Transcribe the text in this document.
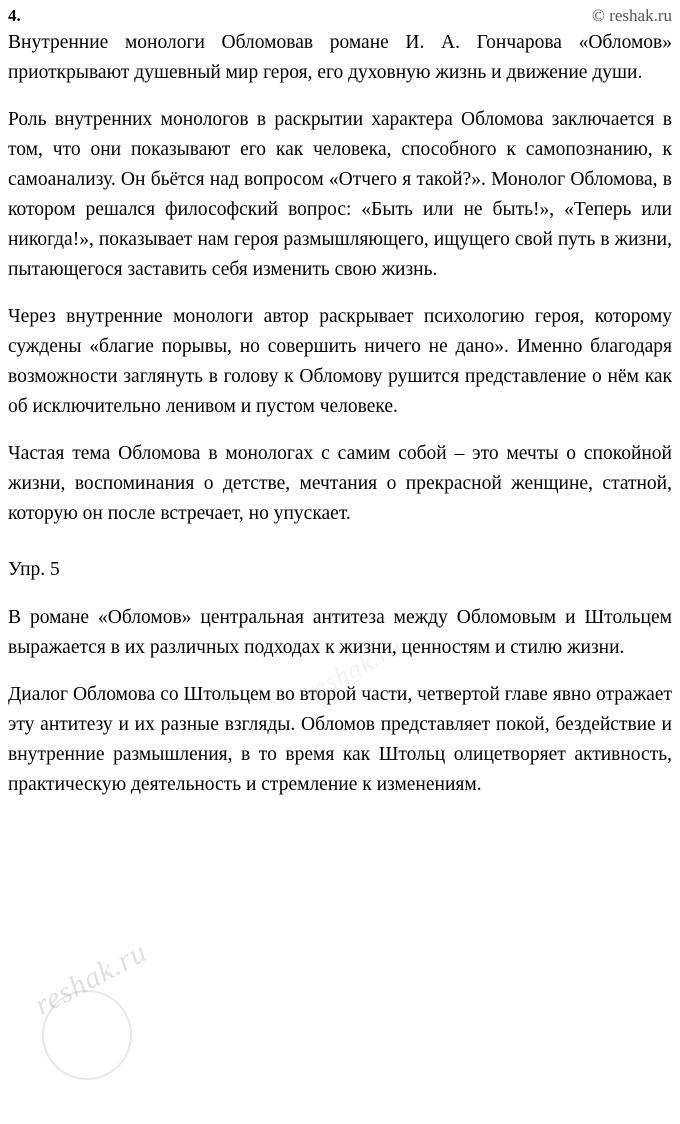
4.	© reshak.ru

Внутренние монологи Обломовав романе И. А. Гончарова «Обломов» приоткрывают душевный мир героя, его духовную жизнь и движение души.

Роль внутренних монологов в раскрытии характера Обломова заключается в том, что они показывают его как человека, способного к самопознанию, к самоанализу. Он бьётся над вопросом «Отчего я такой?». Монолог Обломова, в котором решался философский вопрос: «Быть или не быть!», «Теперь или никогда!», показывает нам героя размышляющего, ищущего свой путь в жизни, пытающегося заставить себя изменить свою жизнь.

Через внутренние монологи автор раскрывает психологию героя, которому суждены «благие порывы, но совершить ничего не дано». Именно благодаря возможности заглянуть в голову к Обломову рушится представление о нём как об исключительно ленивом и пустом человеке.

Частая тема Обломова в монологах с самим собой – это мечты о спокойной жизни, воспоминания о детстве, мечтания о прекрасной женщине, статной, которую он после встречает, но упускает.

Упр. 5

В романе «Обломов» центральная антитеза между Обломовым и Штольцем выражается в их различных подходах к жизни, ценностям и стилю жизни.

Диалог Обломова со Штольцем во второй части, четвертой главе явно отражает эту антитезу и их разные взгляды. Обломов представляет покой, бездействие и внутренние размышления, в то время как Штольц олицетворяет активность, практическую деятельность и стремление к изменениям.

reshak.ru
reshak.ru
